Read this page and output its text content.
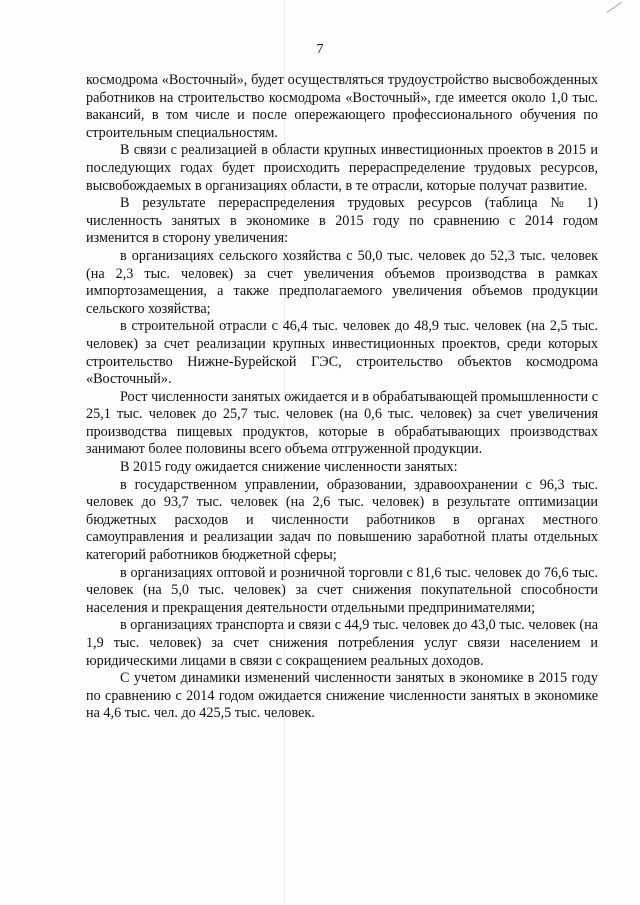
7

космодрома «Восточный», будет осуществляться трудоустройство высвобожденных работников на строительство космодрома «Восточный», где имеется около 1,0 тыс. вакансий, в том числе и после опережающего профессионального обучения по строительным специальностям.

В связи с реализацией в области крупных инвестиционных проектов в 2015 и последующих годах будет происходить перераспределение трудовых ресурсов, высвобождаемых в организациях области, в те отрасли, которые получат развитие.

В результате перераспределения трудовых ресурсов (таблица № 1) численность занятых в экономике в 2015 году по сравнению с 2014 годом изменится в сторону увеличения:

в организациях сельского хозяйства с 50,0 тыс. человек до 52,3 тыс. человек (на 2,3 тыс. человек) за счет увеличения объемов производства в рамках импортозамещения, а также предполагаемого увеличения объемов продукции сельского хозяйства;

в строительной отрасли с 46,4 тыс. человек до 48,9 тыс. человек (на 2,5 тыс. человек) за счет реализации крупных инвестиционных проектов, среди которых строительство Нижне-Бурейской ГЭС, строительство объектов космодрома «Восточный».

Рост численности занятых ожидается и в обрабатывающей промышленности с 25,1 тыс. человек до 25,7 тыс. человек (на 0,6 тыс. человек) за счет увеличения производства пищевых продуктов, которые в обрабатывающих производствах занимают более половины всего объема отгруженной продукции.

В 2015 году ожидается снижение численности занятых:

в государственном управлении, образовании, здравоохранении с 96,3 тыс. человек до 93,7 тыс. человек (на 2,6 тыс. человек) в результате оптимизации бюджетных расходов и численности работников в органах местного самоуправления и реализации задач по повышению заработной платы отдельных категорий работников бюджетной сферы;

в организациях оптовой и розничной торговли с 81,6 тыс. человек до 76,6 тыс. человек (на 5,0 тыс. человек) за счет снижения покупательной способности населения и прекращения деятельности отдельными предпринимателями;

в организациях транспорта и связи с 44,9 тыс. человек до 43,0 тыс. человек (на 1,9 тыс. человек) за счет снижения потребления услуг связи населением и юридическими лицами в связи с сокращением реальных доходов.

С учетом динамики изменений численности занятых в экономике в 2015 году по сравнению с 2014 годом ожидается снижение численности занятых в экономике на 4,6 тыс. чел. до 425,5 тыс. человек.
